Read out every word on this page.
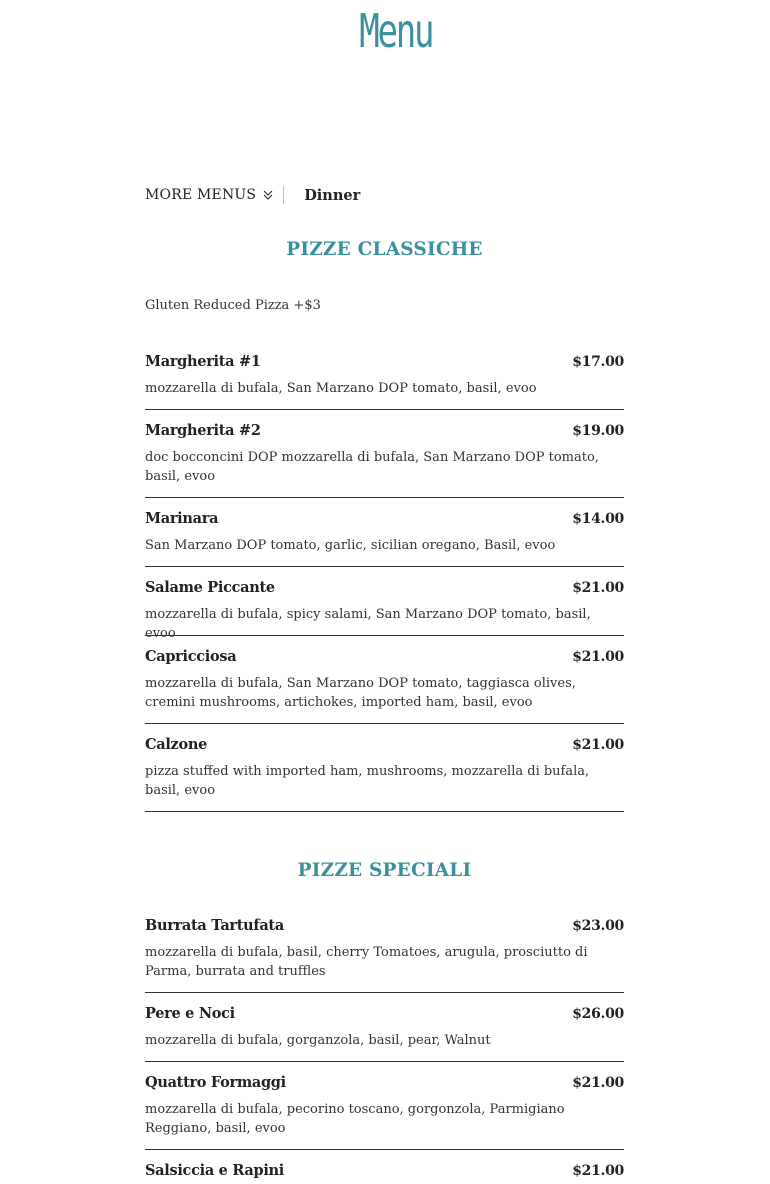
Menu
MORE MENUS	Dinner
PIZZE CLASSICHE
Gluten Reduced Pizza +$3
Margherita #1	$17.00
mozzarella di bufala, San Marzano DOP tomato, basil, evoo
Margherita #2	$19.00
doc bocconcini DOP mozzarella di bufala, San Marzano DOP tomato, basil, evoo
Marinara	$14.00
San Marzano DOP tomato, garlic, sicilian oregano, Basil, evoo
Salame Piccante	$21.00
mozzarella di bufala, spicy salami, San Marzano DOP tomato, basil, evoo
Capricciosa	$21.00
mozzarella di bufala, San Marzano DOP tomato, taggiasca olives, cremini mushrooms, artichokes, imported ham, basil, evoo
Calzone	$21.00
pizza stuffed with imported ham, mushrooms, mozzarella di bufala, basil, evoo
PIZZE SPECIALI
Burrata Tartufata	$23.00
mozzarella di bufala, basil, cherry Tomatoes, arugula, prosciutto di Parma, burrata and truffles
Pere e Noci	$26.00
mozzarella di bufala, gorganzola, basil, pear, Walnut
Quattro Formaggi	$21.00
mozzarella di bufala, pecorino toscano, gorgonzola, Parmigiano Reggiano, basil, evoo
Salsiccia e Rapini	$21.00
